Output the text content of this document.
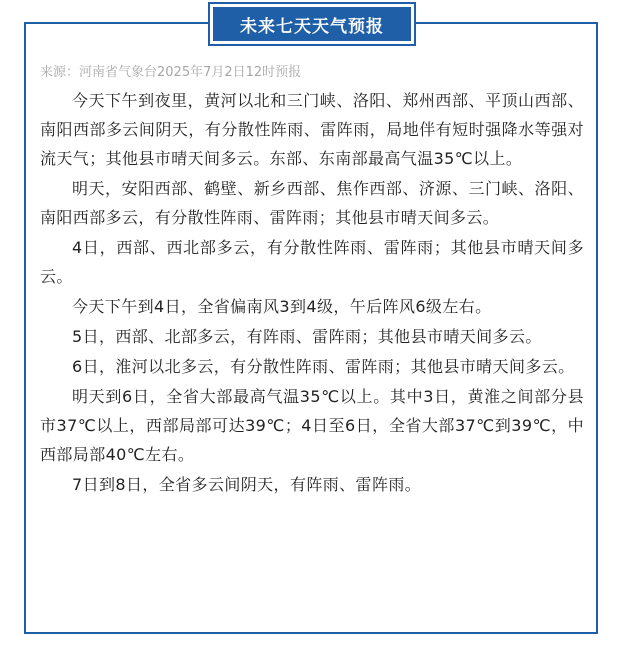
未来七天天气预报

来源：河南省气象台2025年7月2日12时预报

今天下午到夜里，黄河以北和三门峡、洛阳、郑州西部、平顶山西部、南阳西部多云间阴天，有分散性阵雨、雷阵雨，局地伴有短时强降水等强对流天气；其他县市晴天间多云。东部、东南部最高气温35℃以上。

明天，安阳西部、鹤壁、新乡西部、焦作西部、济源、三门峡、洛阳、南阳西部多云，有分散性阵雨、雷阵雨；其他县市晴天间多云。

4日，西部、西北部多云，有分散性阵雨、雷阵雨；其他县市晴天间多云。

今天下午到4日，全省偏南风3到4级，午后阵风6级左右。

5日，西部、北部多云，有阵雨、雷阵雨；其他县市晴天间多云。

6日，淮河以北多云，有分散性阵雨、雷阵雨；其他县市晴天间多云。

明天到6日，全省大部最高气温35℃以上。其中3日，黄淮之间部分县市37℃以上，西部局部可达39℃；4日至6日，全省大部37℃到39℃，中西部局部40℃左右。

7日到8日，全省多云间阴天，有阵雨、雷阵雨。
